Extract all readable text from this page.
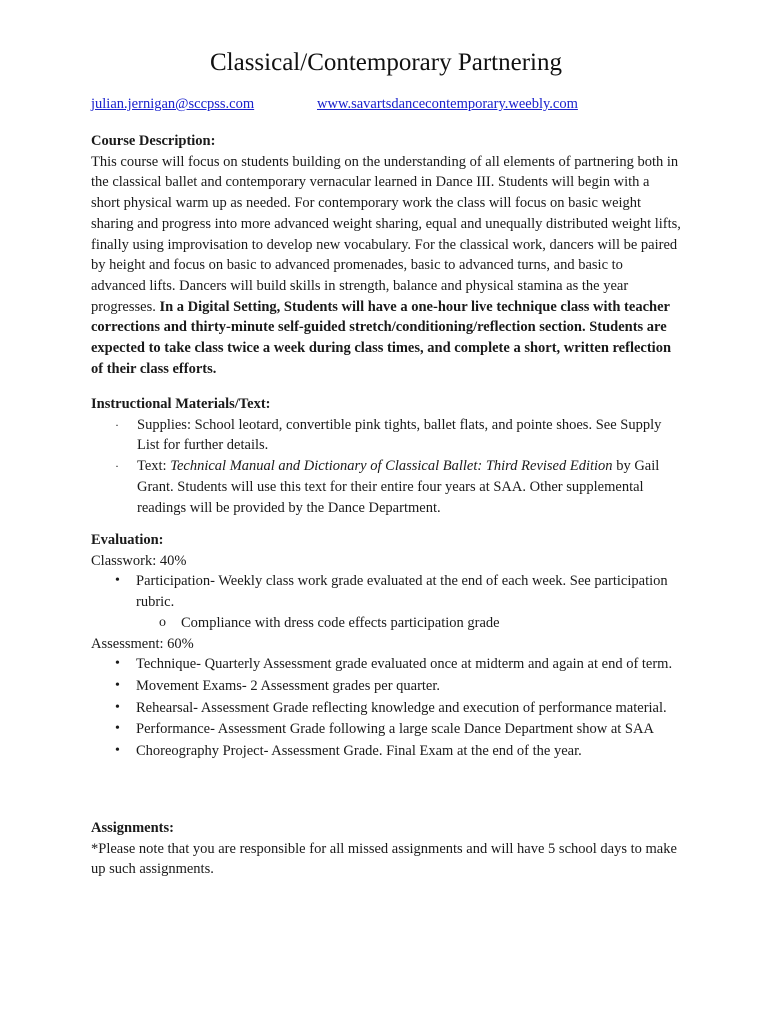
Classical/Contemporary Partnering
julian.jernigan@sccpss.com	www.savartsdancecontemporary.weebly.com
Course Description:

This course will focus on students building on the understanding of all elements of partnering both in the classical ballet and contemporary vernacular learned in Dance III. Students will begin with a short physical warm up as needed. For contemporary work the class will focus on basic weight sharing and progress into more advanced weight sharing, equal and unequally distributed weight lifts, finally using improvisation to develop new vocabulary. For the classical work, dancers will be paired by height and focus on basic to advanced promenades, basic to advanced turns, and basic to advanced lifts. Dancers will build skills in strength, balance and physical stamina as the year progresses. In a Digital Setting, Students will have a one-hour live technique class with teacher corrections and thirty-minute self-guided stretch/conditioning/reflection section. Students are expected to take class twice a week during class times, and complete a short, written reflection of their class efforts.

Instructional Materials/Text:
· Supplies: School leotard, convertible pink tights, ballet flats, and pointe shoes. See Supply List for further details.
· Text: Technical Manual and Dictionary of Classical Ballet: Third Revised Edition by Gail Grant. Students will use this text for their entire four years at SAA. Other supplemental readings will be provided by the Dance Department.
Evaluation:
Classwork: 40%
• Participation- Weekly class work grade evaluated at the end of each week. See participation rubric.
o Compliance with dress code effects participation grade
Assessment: 60%
• Technique- Quarterly Assessment grade evaluated once at midterm and again at end of term.
• Movement Exams- 2 Assessment grades per quarter.
• Rehearsal- Assessment Grade reflecting knowledge and execution of performance material.
• Performance- Assessment Grade following a large scale Dance Department show at SAA
• Choreography Project- Assessment Grade. Final Exam at the end of the year.
Assignments:

*Please note that you are responsible for all missed assignments and will have 5 school days to make up such assignments.
